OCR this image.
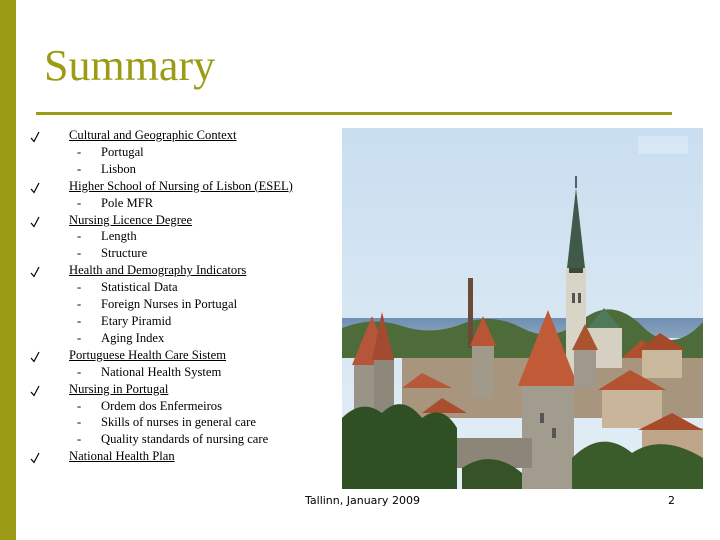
Summary
Cultural and Geographic Context
- Portugal
- Lisbon
Higher School of Nursing of Lisbon (ESEL)
- Pole MFR
Nursing Licence Degree
- Length
- Structure
Health and Demography Indicators
- Statistical Data
- Foreign Nurses in Portugal
- Etary Piramid
- Aging Index
Portuguese Health Care Sistem
- National Health System
Nursing in Portugal
- Ordem dos Enfermeiros
- Skills of nurses in general care
- Quality standards of nursing care
National Health Plan
Tallinn, January 2009	2
